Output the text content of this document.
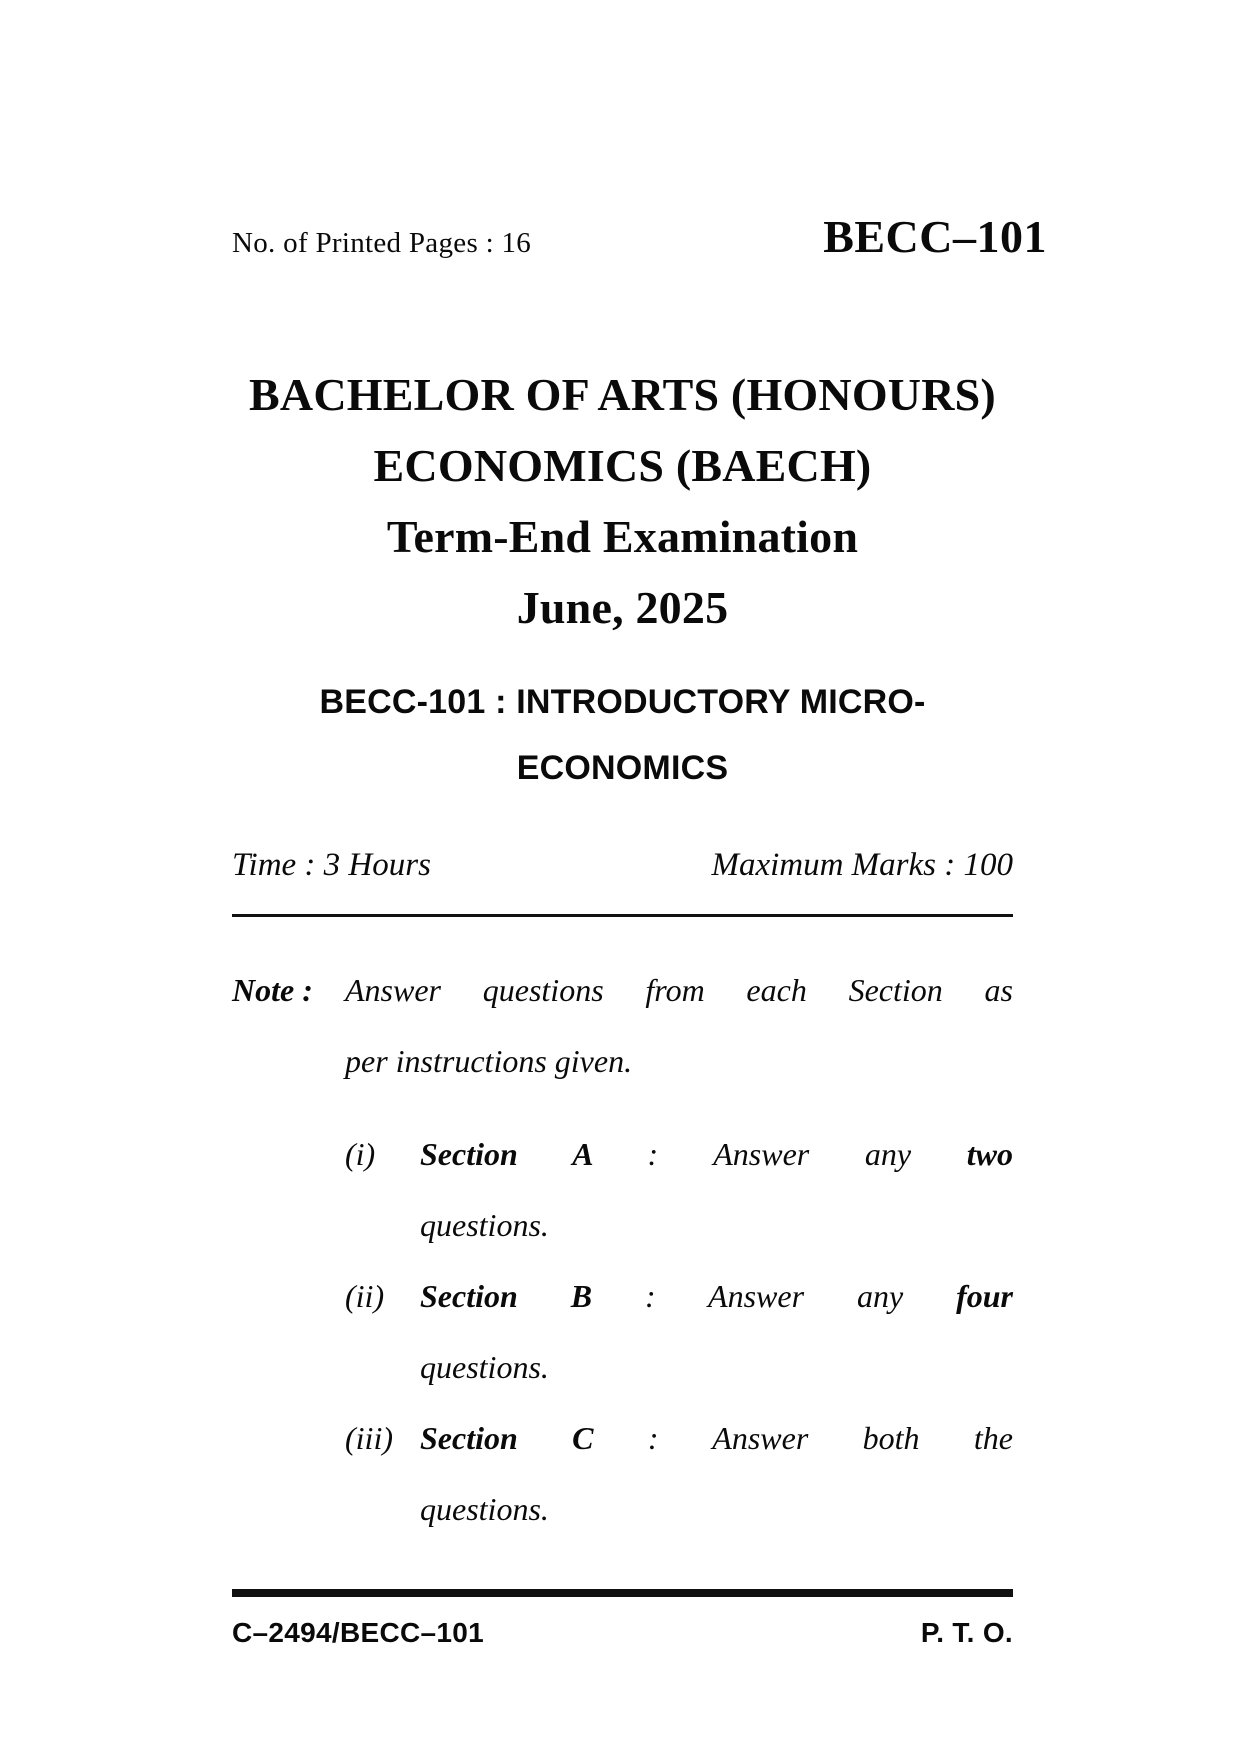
No. of Printed Pages : 16	BECC–101
BACHELOR OF ARTS (HONOURS)
ECONOMICS (BAECH)
Term-End Examination
June, 2025
BECC-101 : INTRODUCTORY MICRO-
ECONOMICS
Time : 3 Hours	Maximum Marks : 100
Note :	Answer questions from each Section as
per instructions given.
(i)	Section A : Answer any two
questions.
(ii)	Section B : Answer any four
questions.
(iii) Section C : Answer both the
questions.
C–2494/BECC–101	P. T. O.
